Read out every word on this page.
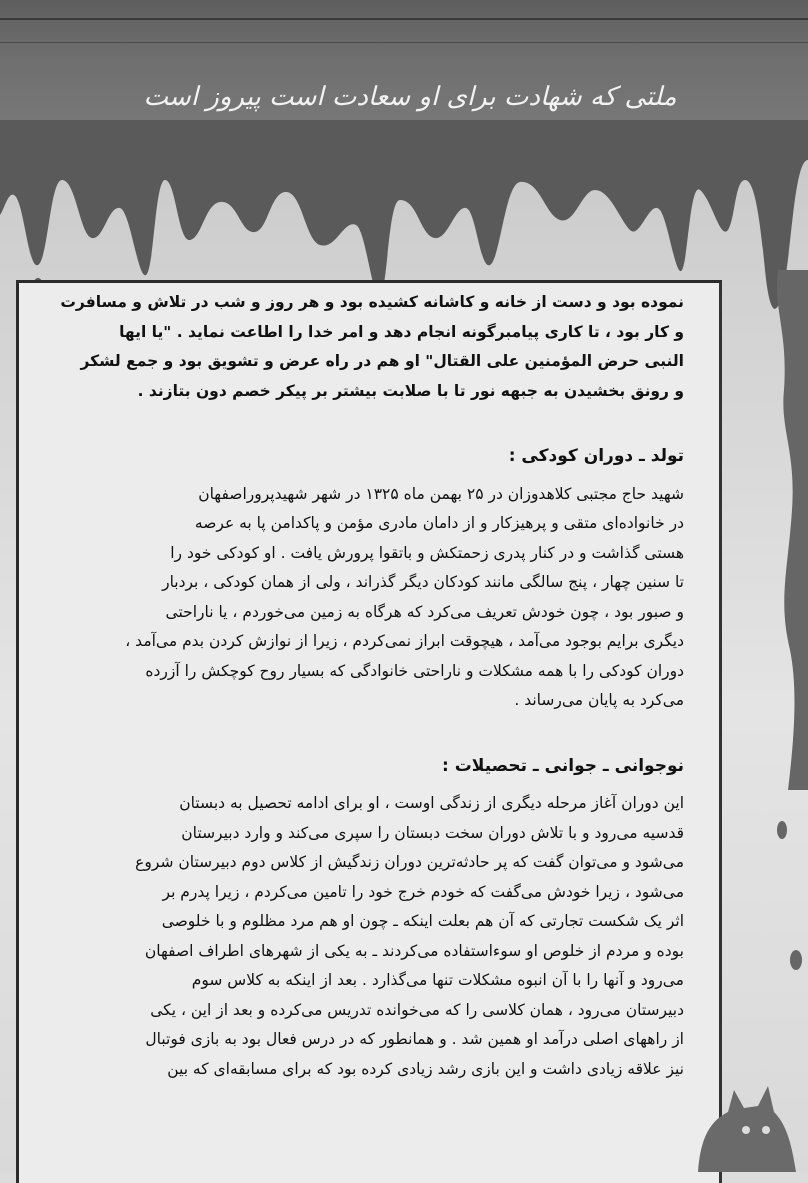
ملتی که شهادت برای او سعادت است پیروز است
نموده بود و دست از خانه و کاشانه کشیده بود و هر روز و شب در تلاش و مسافرت
و کار بود ، تا کاری پیامبرگونه انجام دهد و امر خدا را اطاعت نماید . "یا ایها
النبی حرض المؤمنین علی القتال" او هم در راه عرض و تشویق بود و جمع لشکر
و رونق بخشیدن به جبهه نور تا با صلابت بیشتر بر پیکر خصم دون بتازند .
تولد ـ دوران کودکی :
شهید حاج مجتبی کلاهدوزان در ۲۵ بهمن ماه ۱۳۲۵ در شهر شهیدپروراصفهان
در خانواده‌ای متقی و پرهیزکار و از دامان مادری مؤمن و پاکدامن پا به عرصه
هستی گذاشت و در کنار پدری زحمتکش و باتقوا پرورش یافت . او کودکی خود را
تا سنین چهار ، پنج سالگی مانند کودکان دیگر گذراند ، ولی از همان کودکی ، بردبار
و صبور بود ، چون خودش تعریف می‌کرد که هرگاه به زمین می‌خوردم ، یا ناراحتی
دیگری برایم بوجود می‌آمد ، هیچوقت ابراز نمی‌کردم ، زیرا از نوازش کردن بدم می‌آمد ،
دوران کودکی را با همه مشکلات و ناراحتی خانوادگی که بسیار روح کوچکش را آزرده
می‌کرد به پایان می‌رساند .
نوجوانی ـ جوانی ـ تحصیلات :
این دوران آغاز مرحله دیگری از زندگی اوست ، او برای ادامه تحصیل به دبستان
قدسیه می‌رود و با تلاش دوران سخت دبستان را سپری می‌کند و وارد دبیرستان
می‌شود و می‌توان گفت که پر حادثه‌ترین دوران زندگیش از کلاس دوم دبیرستان شروع
می‌شود ، زیرا خودش می‌گفت که خودم خرج خود را تامین می‌کردم ، زیرا پدرم بر
اثر یک شکست تجارتی که آن هم بعلت اینکه ـ چون او هم مرد مظلوم و با خلوصی
بوده و مردم از خلوص او سوءاستفاده می‌کردند ـ به یکی از شهرهای اطراف اصفهان
می‌رود و آنها را با آن انبوه مشکلات تنها می‌گذارد . بعد از اینکه به کلاس سوم
دبیرستان می‌رود ، همان کلاسی را که می‌خوانده تدریس می‌کرده و بعد از این ، یکی
از راههای اصلی درآمد او همین شد . و همانطور که در درس فعال بود به بازی فوتبال
نیز علاقه زیادی داشت و این بازی رشد زیادی کرده بود که برای مسابقه‌ای که بین
